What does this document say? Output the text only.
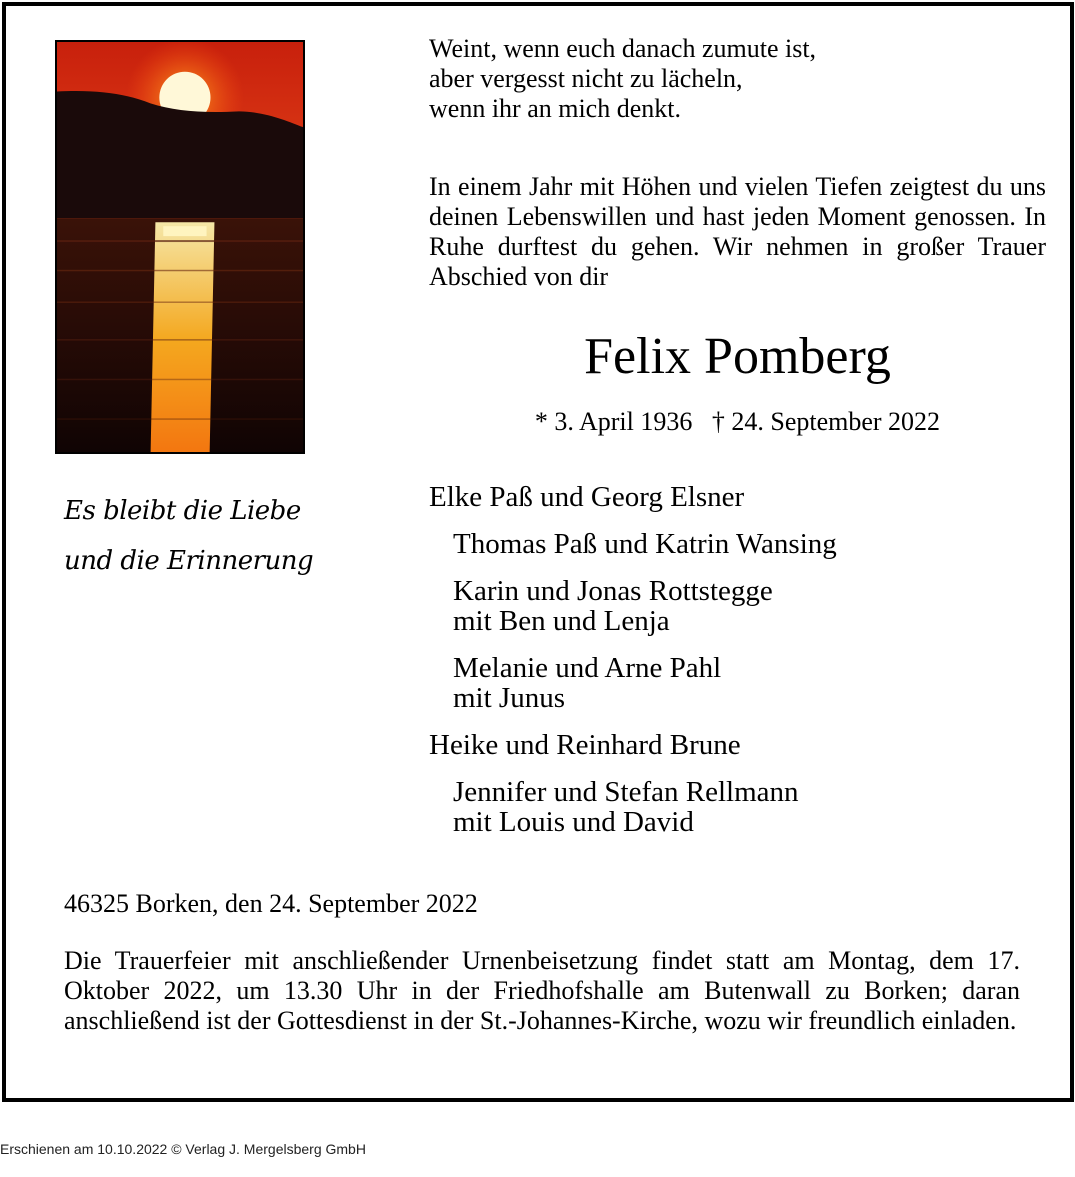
Es bleibt die Liebe
und die Erinnerung
Weint, wenn euch danach zumute ist,
aber vergesst nicht zu lächeln,
wenn ihr an mich denkt.
In einem Jahr mit Höhen und vielen Tiefen zeigtest du uns deinen Lebenswillen und hast jeden Moment genossen. In Ruhe durftest du gehen. Wir nehmen in großer Trauer Abschied von dir
Felix Pomberg
* 3. April 1936 † 24. September 2022
Elke Paß und Georg Elsner
Thomas Paß und Katrin Wansing
Karin und Jonas Rottstegge
mit Ben und Lenja
Melanie und Arne Pahl
mit Junus
Heike und Reinhard Brune
Jennifer und Stefan Rellmann
mit Louis und David
46325 Borken, den 24. September 2022
Die Trauerfeier mit anschließender Urnenbeisetzung findet statt am Montag, dem 17. Oktober 2022, um 13.30 Uhr in der Friedhofshalle am Butenwall zu Borken; daran anschließend ist der Gottesdienst in der St.-Johannes-Kirche, wozu wir freundlich einladen.
Erschienen am 10.10.2022 © Verlag J. Mergelsberg GmbH
